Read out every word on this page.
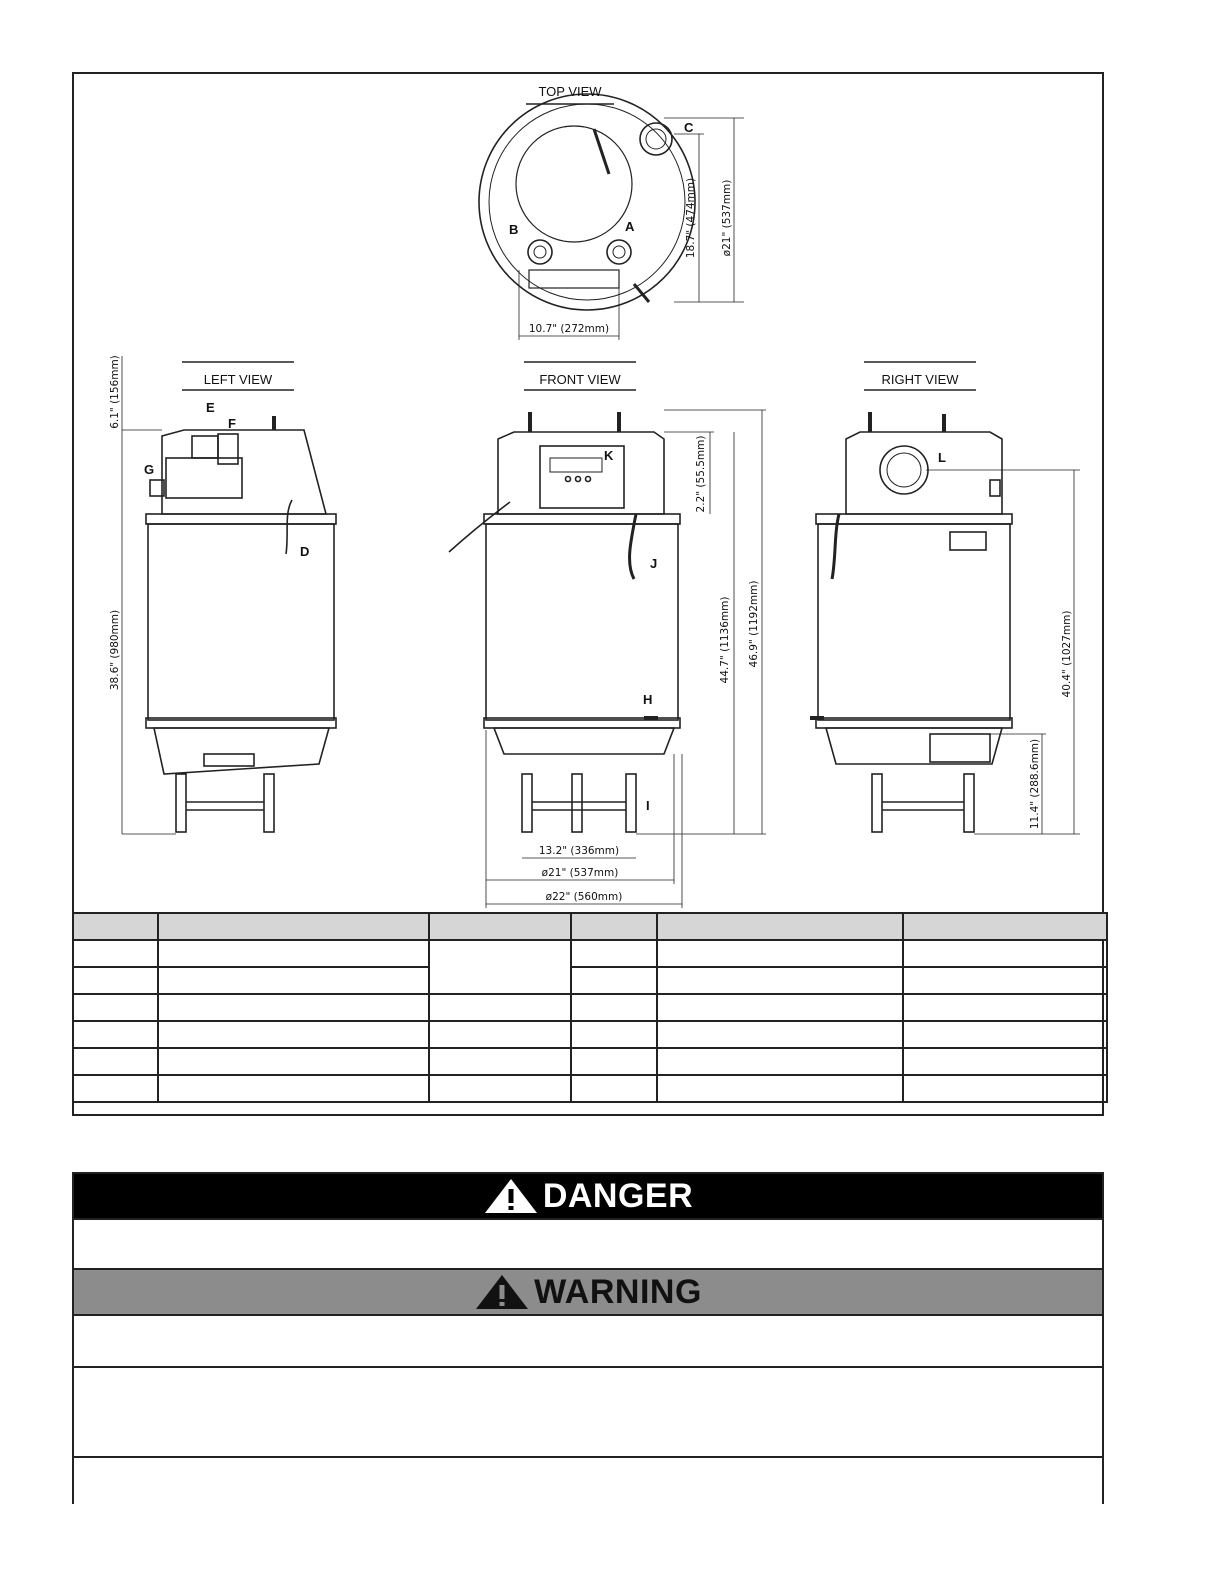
TOP VIEW
LEFT VIEW	FRONT VIEW	RIGHT VIEW
A
B
C
D
E
F
G
H
I
J
K	L
10.7" (272mm)
18.7" (474mm) ø21" (537mm)
6.1" (156mm)
38.6" (980mm)
2.2" (55.5mm)
44.7" (1136mm) 46.9" (1192mm)
13.2" (336mm)
ø21" (537mm)
ø22" (560mm)
40.4" (1027mm)
11.4" (288.6mm)

DANGER
WARNING
